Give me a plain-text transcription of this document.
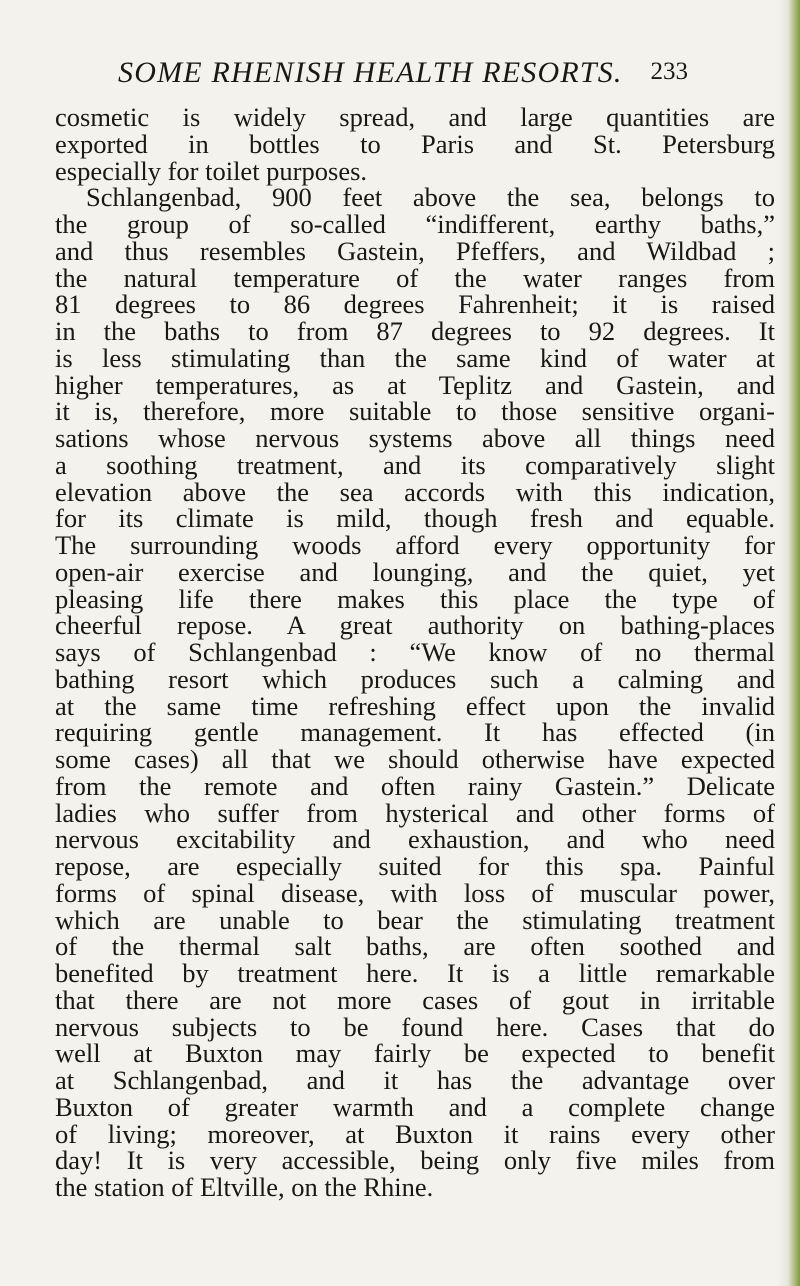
SOME RHENISH HEALTH RESORTS. 233
cosmetic is widely spread, and large quantities are
exported in bottles to Paris and St. Petersburg
especially for toilet purposes.
Schlangenbad, 900 feet above the sea, belongs to
the group of so-called “indifferent, earthy baths,”
and thus resembles Gastein, Pfeffers, and Wildbad ;
the natural temperature of the water ranges from
81 degrees to 86 degrees Fahrenheit; it is raised
in the baths to from 87 degrees to 92 degrees. It
is less stimulating than the same kind of water at
higher temperatures, as at Teplitz and Gastein, and
it is, therefore, more suitable to those sensitive organi-
sations whose nervous systems above all things need
a soothing treatment, and its comparatively slight
elevation above the sea accords with this indication,
for its climate is mild, though fresh and equable.
The surrounding woods afford every opportunity for
open-air exercise and lounging, and the quiet, yet
pleasing life there makes this place the type of
cheerful repose. A great authority on bathing-places
says of Schlangenbad : “We know of no thermal
bathing resort which produces such a calming and
at the same time refreshing effect upon the invalid
requiring gentle management. It has effected (in
some cases) all that we should otherwise have expected
from the remote and often rainy Gastein.” Delicate
ladies who suffer from hysterical and other forms of
nervous excitability and exhaustion, and who need
repose, are especially suited for this spa. Painful
forms of spinal disease, with loss of muscular power,
which are unable to bear the stimulating treatment
of the thermal salt baths, are often soothed and
benefited by treatment here. It is a little remarkable
that there are not more cases of gout in irritable
nervous subjects to be found here. Cases that do
well at Buxton may fairly be expected to benefit
at Schlangenbad, and it has the advantage over
Buxton of greater warmth and a complete change
of living; moreover, at Buxton it rains every other
day! It is very accessible, being only five miles from
the station of Eltville, on the Rhine.
